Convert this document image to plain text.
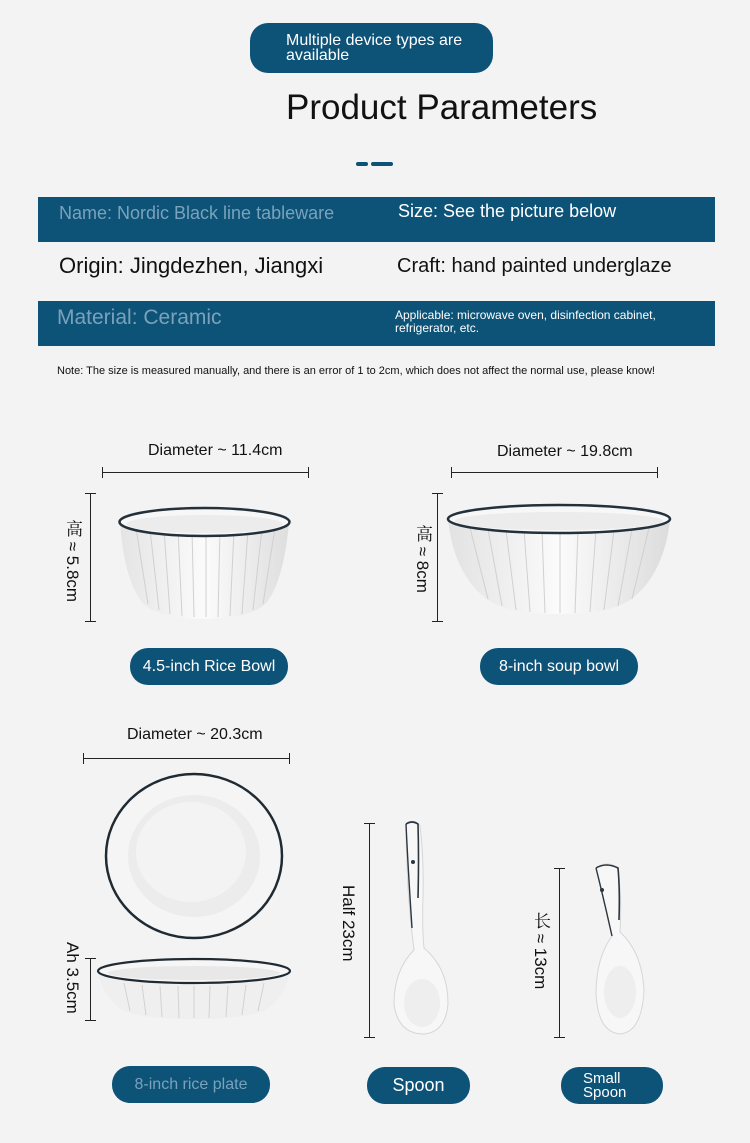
Multiple device types are available
Product Parameters
Name: Nordic Black line tableware	Size: See the picture below
Origin: Jingdezhen, Jiangxi	Craft: hand painted underglaze
Material: Ceramic	Applicable: microwave oven, disinfection cabinet, refrigerator, etc.
Note: The size is measured manually, and there is an error of 1 to 2cm, which does not affect the normal use, please know!
Diameter ~ 11.4cm
高 ≈ 5.8cm
4.5-inch Rice Bowl
Diameter ~ 19.8cm
高 ≈ 8cm
8-inch soup bowl
Diameter ~ 20.3cm
Ah 3.5cm
8-inch rice plate
Half 23cm
Spoon
长 ≈ 13cm
Small Spoon
